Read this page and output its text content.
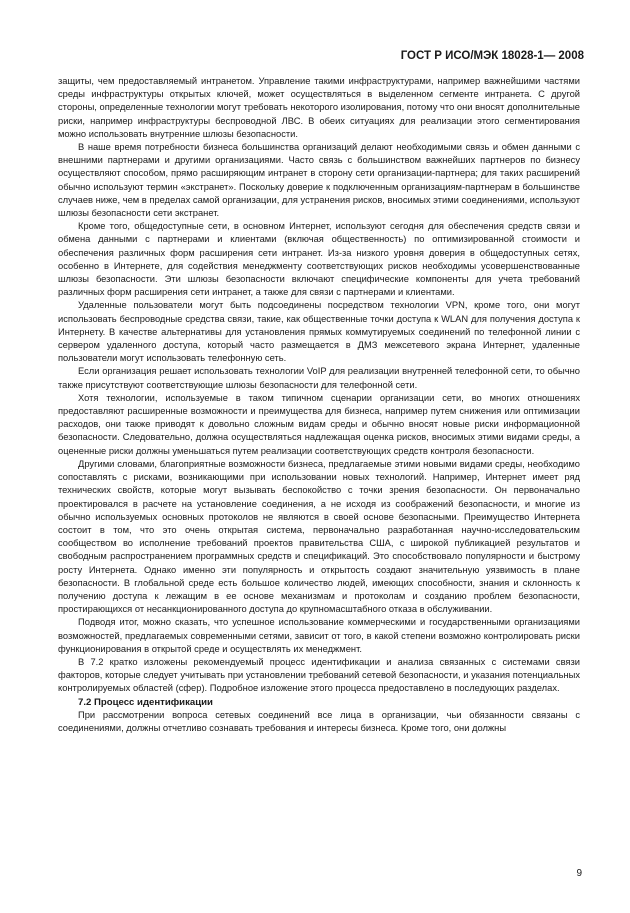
ГОСТ Р ИСО/МЭК 18028-1— 2008

защиты, чем предоставляемый интранетом. Управление такими инфраструктурами, например важнейшими частями среды инфраструктуры открытых ключей, может осуществляться в выделенном сегменте интранета. С другой стороны, определенные технологии могут требовать некоторого изолирования, потому что они вносят дополнительные риски, например инфраструктуры беспроводной ЛВС. В обеих ситуациях для реализации этого сегментирования можно использовать внутренние шлюзы безопасности.

В наше время потребности бизнеса большинства организаций делают необходимыми связь и обмен данными с внешними партнерами и другими организациями. Часто связь с большинством важнейших партнеров по бизнесу осуществляют способом, прямо расширяющим интранет в сторону сети организации-партнера; для таких расширений обычно используют термин «экстранет». Поскольку доверие к подключенным организациям-партнерам в большинстве случаев ниже, чем в пределах самой организации, для устранения рисков, вносимых этими соединениями, используют шлюзы безопасности сети экстранет.

Кроме того, общедоступные сети, в основном Интернет, используют сегодня для обеспечения средств связи и обмена данными с партнерами и клиентами (включая общественность) по оптимизированной стоимости и обеспечения различных форм расширения сети интранет. Из-за низкого уровня доверия в общедоступных сетях, особенно в Интернете, для содействия менеджменту соответствующих рисков необходимы усовершенствованные шлюзы безопасности. Эти шлюзы безопасности включают специфические компоненты для учета требований различных форм расширения сети интранет, а также для связи с партнерами и клиентами.

Удаленные пользователи могут быть подсоединены посредством технологии VPN, кроме того, они могут использовать беспроводные средства связи, такие, как общественные точки доступа к WLAN для получения доступа к Интернету. В качестве альтернативы для установления прямых коммутируемых соединений по телефонной линии с сервером удаленного доступа, который часто размещается в ДМЗ межсетевого экрана Интернет, удаленные пользователи могут использовать телефонную сеть.

Если организация решает использовать технологии VoIP для реализации внутренней телефонной сети, то обычно также присутствуют соответствующие шлюзы безопасности для телефонной сети.

Хотя технологии, используемые в таком типичном сценарии организации сети, во многих отношениях предоставляют расширенные возможности и преимущества для бизнеса, например путем снижения или оптимизации расходов, они также приводят к довольно сложным видам среды и обычно вносят новые риски информационной безопасности. Следовательно, должна осуществляться надлежащая оценка рисков, вносимых этими видами среды, а оцененные риски должны уменьшаться путем реализации соответствующих средств контроля безопасности.

Другими словами, благоприятные возможности бизнеса, предлагаемые этими новыми видами среды, необходимо сопоставлять с рисками, возникающими при использовании новых технологий. Например, Интернет имеет ряд технических свойств, которые могут вызывать беспокойство с точки зрения безопасности. Он первоначально проектировался в расчете на установление соединения, а не исходя из соображений безопасности, и многие из обычно используемых основных протоколов не являются в своей основе безопасными. Преимущество Интернета состоит в том, что это очень открытая система, первоначально разработанная научно-исследовательским сообществом во исполнение требований проектов правительства США, с широкой публикацией результатов и свободным распространением программных средств и спецификаций. Это способствовало популярности и быстрому росту Интернета. Однако именно эти популярность и открытость создают значительную уязвимость в плане безопасности. В глобальной среде есть большое количество людей, имеющих способности, знания и склонность к получению доступа к лежащим в ее основе механизмам и протоколам и созданию проблем безопасности, простирающихся от несанкционированного доступа до крупномасштабного отказа в обслуживании.

Подводя итог, можно сказать, что успешное использование коммерческими и государственными организациями возможностей, предлагаемых современными сетями, зависит от того, в какой степени возможно контролировать риски функционирования в открытой среде и осуществлять их менеджмент.

В 7.2 кратко изложены рекомендуемый процесс идентификации и анализа связанных с системами связи факторов, которые следует учитывать при установлении требований сетевой безопасности, и указания потенциальных контролируемых областей (сфер). Подробное изложение этого процесса предоставлено в последующих разделах.

7.2 Процесс идентификации

При рассмотрении вопроса сетевых соединений все лица в организации, чьи обязанности связаны с соединениями, должны отчетливо сознавать требования и интересы бизнеса. Кроме того, они должны

9
